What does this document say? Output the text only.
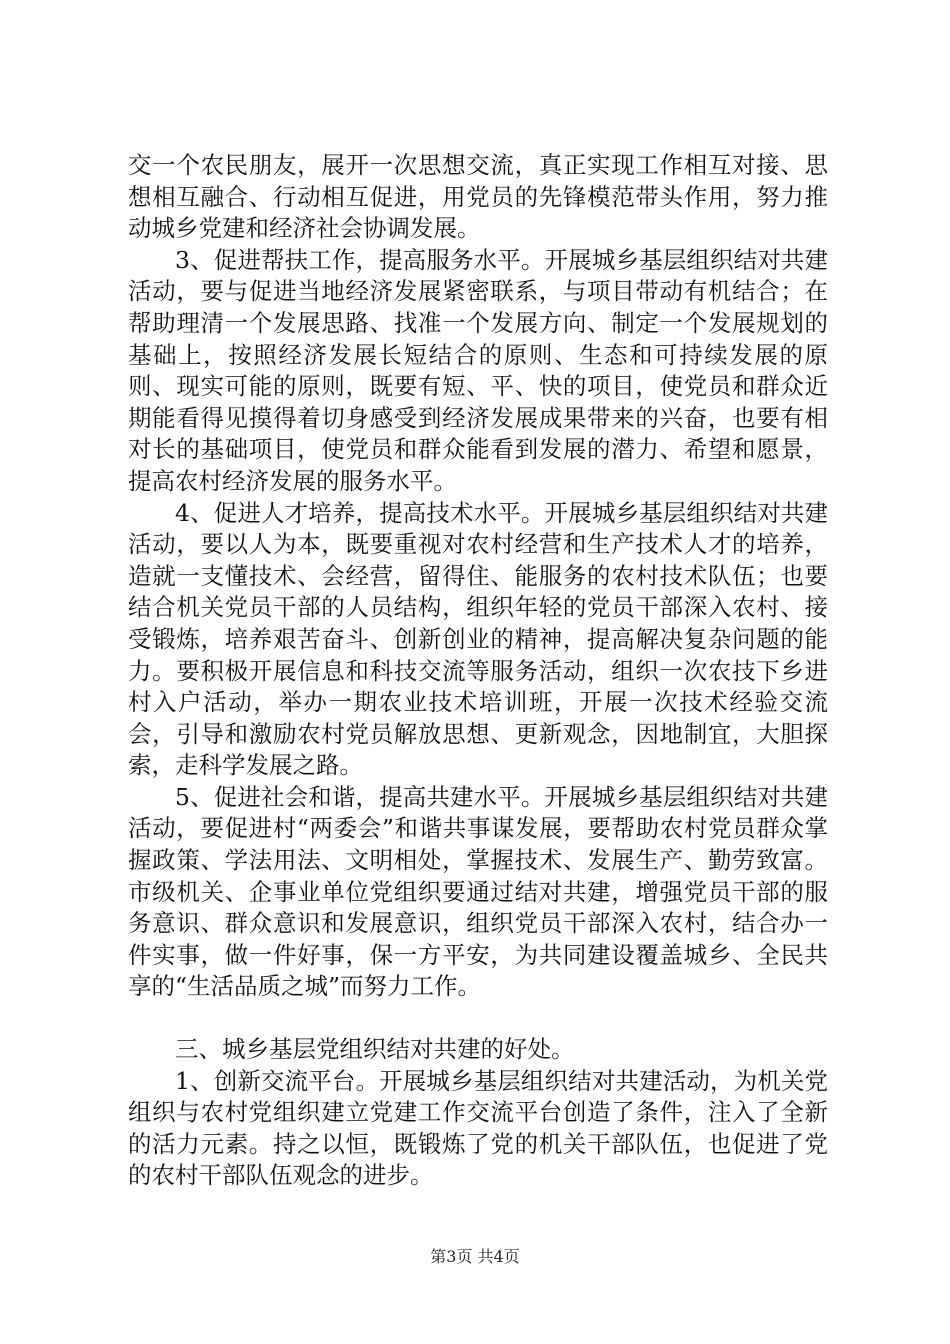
交一个农民朋友，展开一次思想交流，真正实现工作相互对接、思想相互融合、行动相互促进，用党员的先锋模范带头作用，努力推动城乡党建和经济社会协调发展。

3、促进帮扶工作，提高服务水平。开展城乡基层组织结对共建活动，要与促进当地经济发展紧密联系，与项目带动有机结合；在帮助理清一个发展思路、找准一个发展方向、制定一个发展规划的基础上，按照经济发展长短结合的原则、生态和可持续发展的原则、现实可能的原则，既要有短、平、快的项目，使党员和群众近期能看得见摸得着切身感受到经济发展成果带来的兴奋，也要有相对长的基础项目，使党员和群众能看到发展的潜力、希望和愿景，提高农村经济发展的服务水平。

4、促进人才培养，提高技术水平。开展城乡基层组织结对共建活动，要以人为本，既要重视对农村经营和生产技术人才的培养，造就一支懂技术、会经营，留得住、能服务的农村技术队伍；也要结合机关党员干部的人员结构，组织年轻的党员干部深入农村、接受锻炼，培养艰苦奋斗、创新创业的精神，提高解决复杂问题的能力。要积极开展信息和科技交流等服务活动，组织一次农技下乡进村入户活动，举办一期农业技术培训班，开展一次技术经验交流会，引导和激励农村党员解放思想、更新观念，因地制宜，大胆探索，走科学发展之路。

5、促进社会和谐，提高共建水平。开展城乡基层组织结对共建活动，要促进村“两委会”和谐共事谋发展，要帮助农村党员群众掌握政策、学法用法、文明相处，掌握技术、发展生产、勤劳致富。市级机关、企事业单位党组织要通过结对共建，增强党员干部的服务意识、群众意识和发展意识，组织党员干部深入农村，结合办一件实事，做一件好事，保一方平安，为共同建设覆盖城乡、全民共享的“生活品质之城”而努力工作。

三、城乡基层党组织结对共建的好处。

1、创新交流平台。开展城乡基层组织结对共建活动，为机关党组织与农村党组织建立党建工作交流平台创造了条件，注入了全新的活力元素。持之以恒，既锻炼了党的机关干部队伍，也促进了党的农村干部队伍观念的进步。

第3页 共4页
